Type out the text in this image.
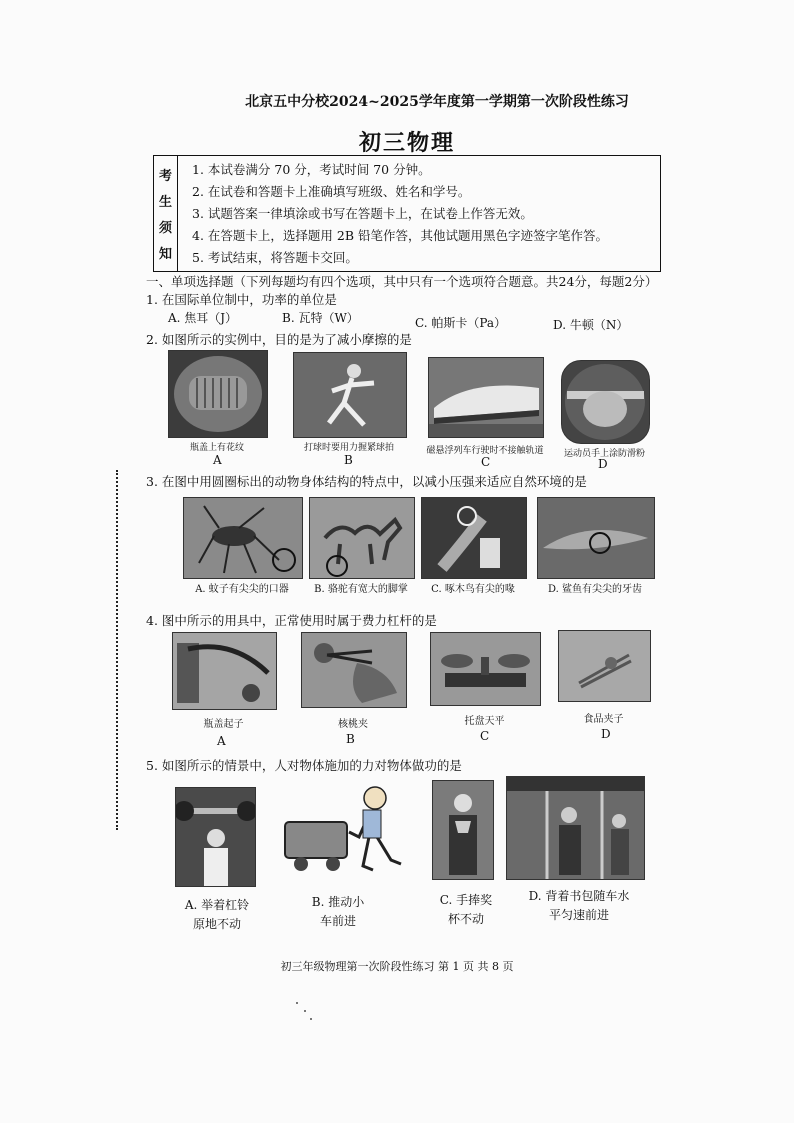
北京五中分校2024~2025学年度第一学期第一次阶段性练习
初三物理
考
生
须
知
1. 本试卷满分 70 分，考试时间 70 分钟。
2. 在试卷和答题卡上准确填写班级、姓名和学号。
3. 试题答案一律填涂或书写在答题卡上，在试卷上作答无效。
4. 在答题卡上，选择题用 2B 铅笔作答，其他试题用黑色字迹签字笔作答。
5. 考试结束，将答题卡交回。
一、单项选择题（下列每题均有四个选项，其中只有一个选项符合题意。共24分，每题2分）
1. 在国际单位制中，功率的单位是
A. 焦耳（J）	B. 瓦特（W）	C. 帕斯卡（Pa）	D. 牛顿（N）
2. 如图所示的实例中，目的是为了减小摩擦的是
瓶盖上有花纹	打球时要用力握紧球拍	磁悬浮列车行驶时不接触轨道	运动员手上涂防滑粉
A	B	C	D
3. 在图中用圆圈标出的动物身体结构的特点中，以减小压强来适应自然环境的是
A. 蚊子有尖尖的口器	B. 骆驼有宽大的脚掌	C. 啄木鸟有尖的喙	D. 鲨鱼有尖尖的牙齿
4. 图中所示的用具中，正常使用时属于费力杠杆的是
瓶盖起子	核桃夹	托盘天平	食品夹子
A	B	C	D
5. 如图所示的情景中，人对物体施加的力对物体做功的是
A. 举着杠铃
原地不动
B. 推动小
车前进
C. 手捧奖
杯不动
D. 背着书包随车水
平匀速前进
初三年级物理第一次阶段性练习 第 1 页 共 8 页
